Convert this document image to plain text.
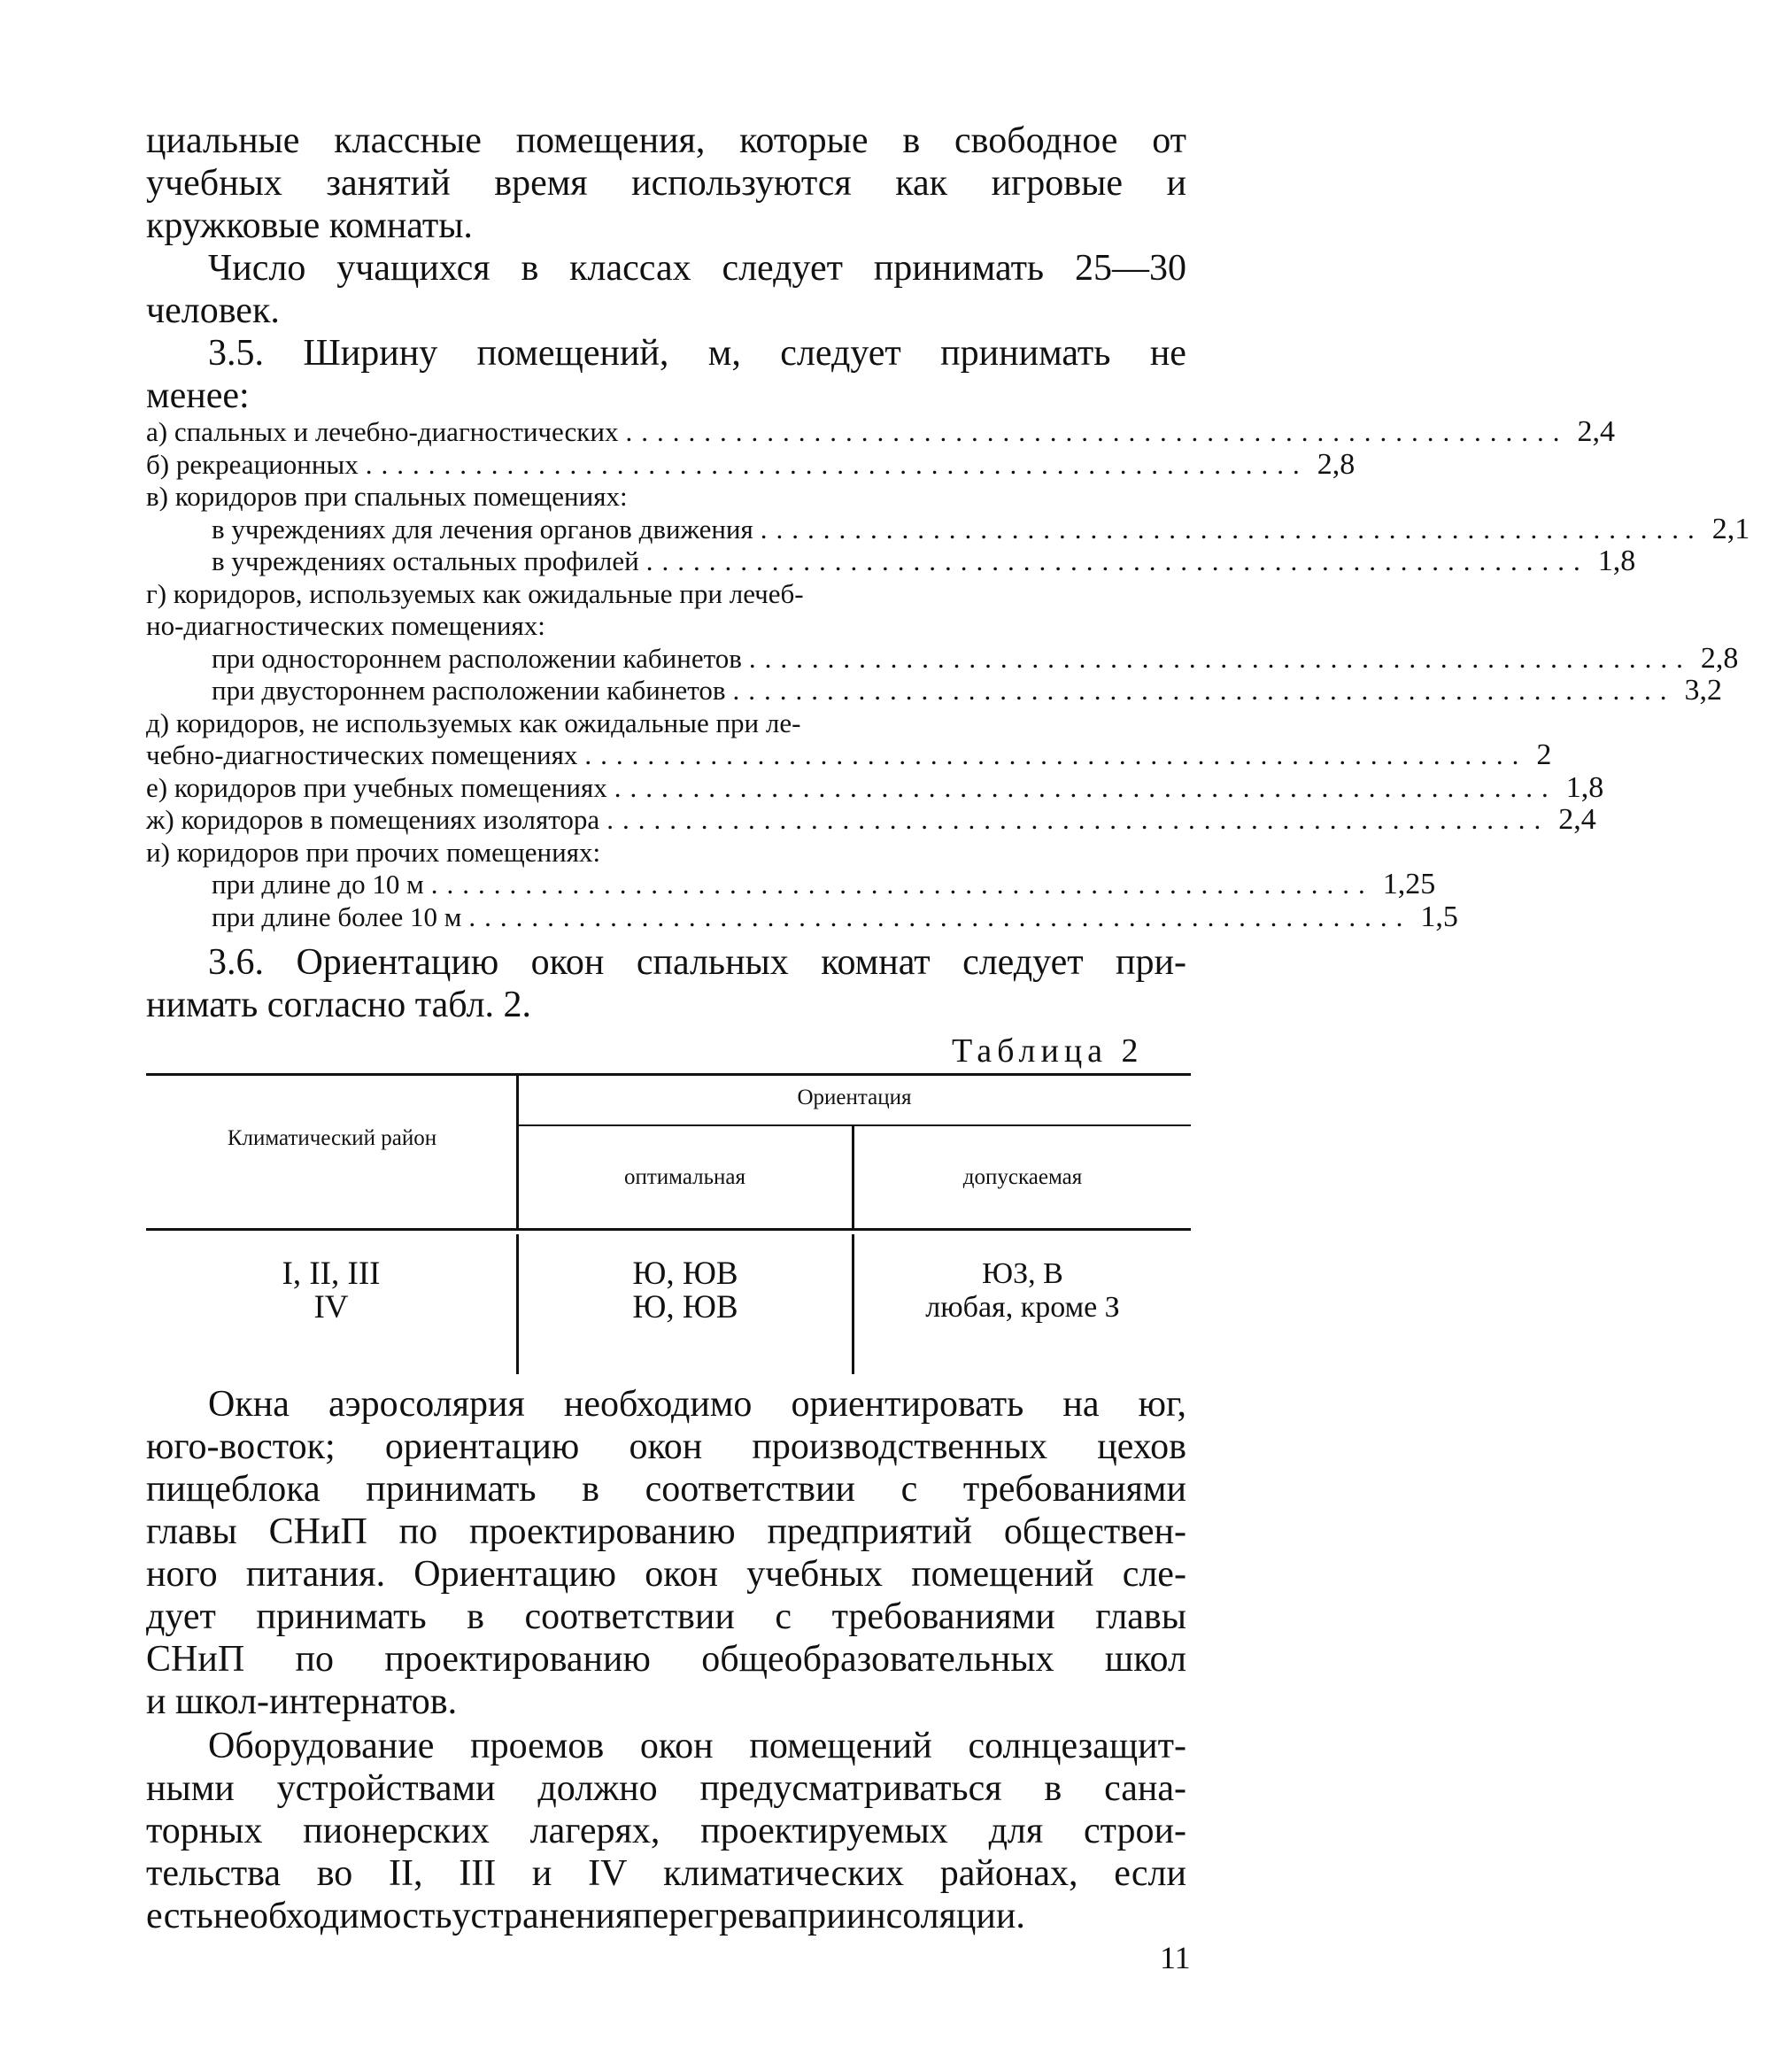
циальные классные помещения, которые в свободное от
учебных занятий время используются как игровые и
кружковые комнаты.
Число учащихся в классах следует принимать 25—30
человек.
3.5. Ширину помещений, м, следует принимать не
менее:
а) спальных и лечебно-диагностических ............................................................ 2,4
б) рекреационных ............................................................ 2,8
в) коридоров при спальных помещениях:
в учреждениях для лечения органов движения ............................................................ 2,1
в учреждениях остальных профилей ............................................................ 1,8
г) коридоров, используемых как ожидальные при лечеб-
но-диагностических помещениях:
при одностороннем расположении кабинетов ............................................................ 2,8
при двустороннем расположении кабинетов ............................................................ 3,2
д) коридоров, не используемых как ожидальные при ле-
чебно-диагностических помещениях ............................................................ 2
е) коридоров при учебных помещениях ............................................................ 1,8
ж) коридоров в помещениях изолятора ............................................................ 2,4
и) коридоров при прочих помещениях:
при длине до 10 м ............................................................ 1,25
при длине более 10 м ............................................................ 1,5
3.6. Ориентацию окон спальных комнат следует при-
нимать согласно табл. 2.
Таблица 2
Климатический район
Ориентация
оптимальная	допускаемая
I, II, III
IV
Ю, ЮВ
Ю, ЮВ
ЮЗ, В
любая, кроме З
Окна аэросолярия необходимо ориентировать на юг,
юго-восток; ориентацию окон производственных цехов
пищеблока принимать в соответствии с требованиями
главы СНиП по проектированию предприятий обществен-
ного питания. Ориентацию окон учебных помещений сле-
дует принимать в соответствии с требованиями главы
СНиП по проектированию общеобразовательных школ
и школ-интернатов.
Оборудование проемов окон помещений солнцезащит-
ными устройствами должно предусматриваться в сана-
торных пионерских лагерях, проектируемых для строи-
тельства во II, III и IV климатических районах, если
есть необходимость устранения перегрева при инсоляции.
11
